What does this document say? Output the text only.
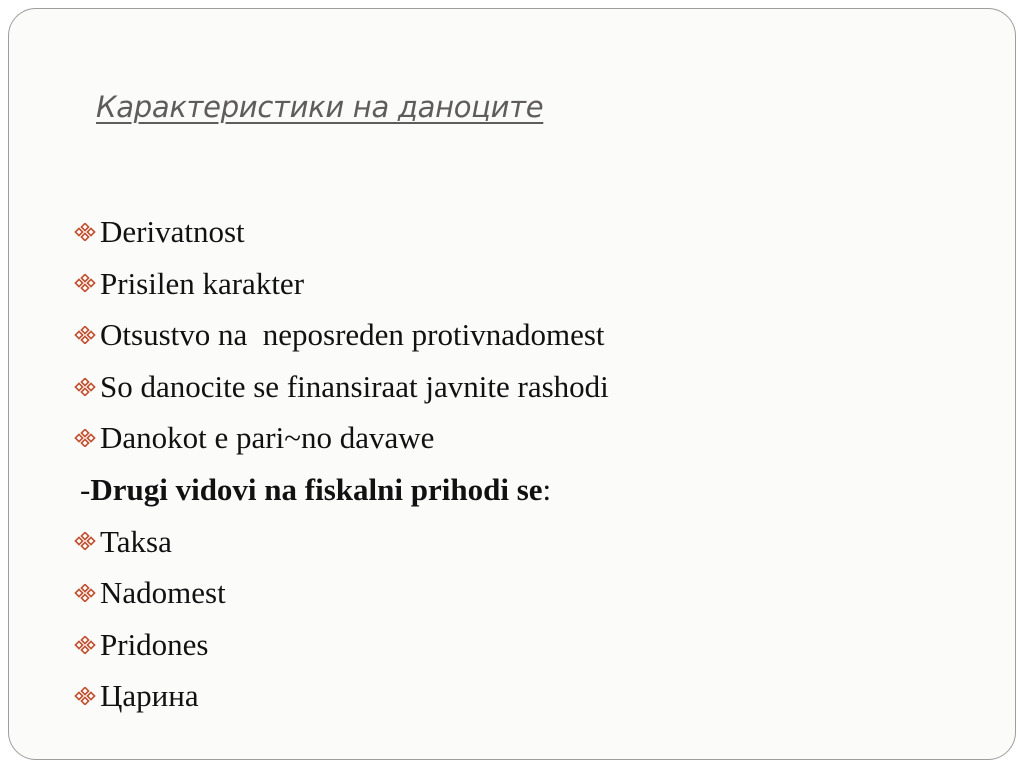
Карактеристики на даноците
Derivatnost
Prisilen karakter
Otsustvo na  neposreden protivnadomest
So danocite se finansiraat javnite rashodi
Danokot e pari~no davawe
- Drugi vidovi na fiskalni prihodi se :
Taksa
Nadomest
Pridones
Царина
